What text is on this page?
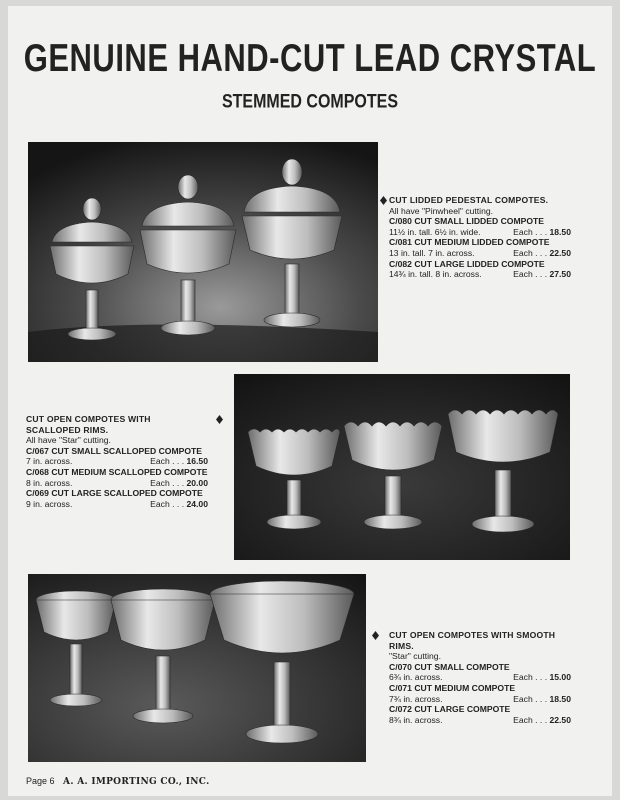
GENUINE HAND-CUT LEAD CRYSTAL
STEMMED COMPOTES
CUT LIDDED PEDESTAL COMPOTES.
All have "Pinwheel" cutting.
C/080 CUT SMALL LIDDED COMPOTE
11½ in. tall. 6½ in. wide.	Each . . . 18.50
C/081 CUT MEDIUM LIDDED COMPOTE
13 in. tall. 7 in. across.	Each . . . 22.50
C/082 CUT LARGE LIDDED COMPOTE
14¾ in. tall. 8 in. across.	Each . . . 27.50
CUT OPEN COMPOTES WITH SCALLOPED RIMS.
All have "Star" cutting.
C/067 CUT SMALL SCALLOPED COMPOTE
7 in. across.	Each . . . 16.50
C/068 CUT MEDIUM SCALLOPED COMPOTE
8 in. across.	Each . . . 20.00
C/069 CUT LARGE SCALLOPED COMPOTE
9 in. across.	Each . . . 24.00
CUT OPEN COMPOTES WITH SMOOTH RIMS.
"Star" cutting.
C/070 CUT SMALL COMPOTE
6¾ in. across.	Each . . . 15.00
C/071 CUT MEDIUM COMPOTE
7¾ in. across.	Each . . . 18.50
C/072 CUT LARGE COMPOTE
8¾ in. across.	Each . . . 22.50
Page 6 A. A. IMPORTING CO., INC.
